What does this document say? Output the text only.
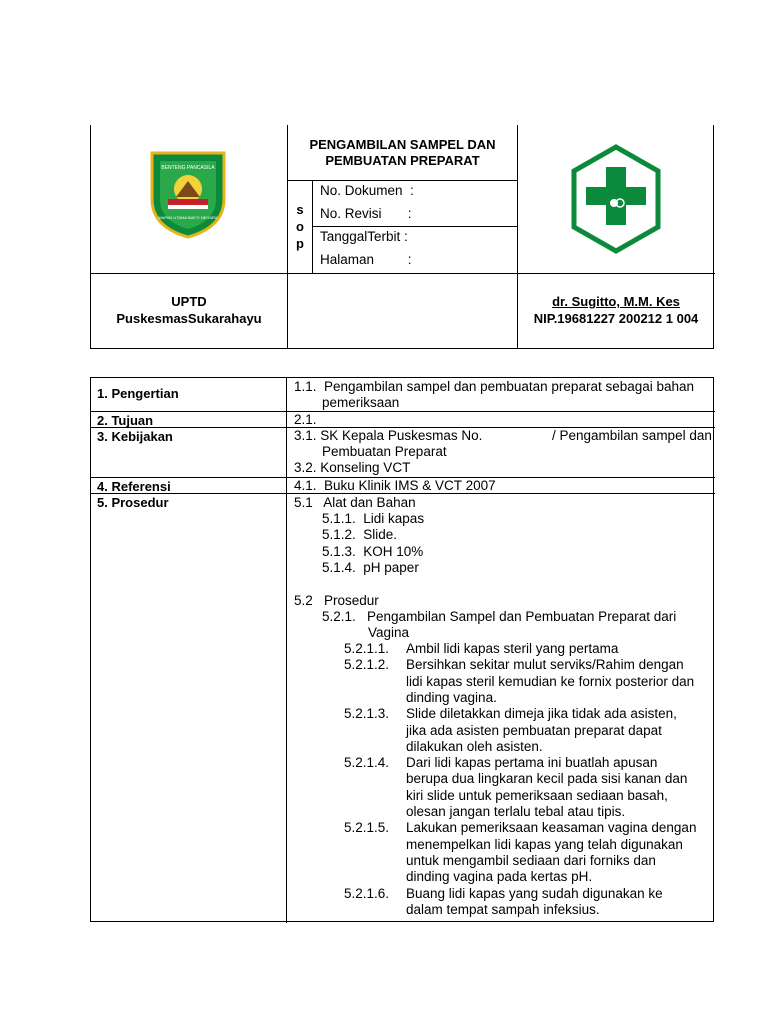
BENTENG PANCASILA
MAPAN UTAMA BAKTI NEGARA
PENGAMBILAN SAMPEL DAN
PEMBUATAN PREPARAT
s
o
p
No. Dokumen  :
No. Revisi       :
TanggalTerbit :
Halaman         :
UPTD
PuskesmasSukarahayu
dr. Sugitto, M.M. Kes
NIP.19681227 200212 1 004
1. Pengertian
2. Tujuan
3. Kebijakan
4. Referensi
5. Prosedur
1.1.  Pengambilan sampel dan pembuatan preparat sebagai bahan
pemeriksaan
2.1.
3.1. SK Kepala Puskesmas No.	/ Pengambilan sampel dan
Pembuatan Preparat
3.2. Konseling VCT
4.1.  Buku Klinik IMS & VCT 2007
5.1   Alat dan Bahan
5.1.1.  Lidi kapas
5.1.2.  Slide.
5.1.3.  KOH 10%
5.1.4.  pH paper
5.2   Prosedur
5.2.1.   Pengambilan Sampel dan Pembuatan Preparat dari
Vagina
5.2.1.1. Ambil lidi kapas steril yang pertama
5.2.1.2. Bersihkan sekitar mulut serviks/Rahim dengan
lidi kapas steril kemudian ke fornix posterior dan
dinding vagina.
5.2.1.3. Slide diletakkan dimeja jika tidak ada asisten,
jika ada asisten pembuatan preparat dapat
dilakukan oleh asisten.
5.2.1.4. Dari lidi kapas pertama ini buatlah apusan
berupa dua lingkaran kecil pada sisi kanan dan
kiri slide untuk pemeriksaan sediaan basah,
olesan jangan terlalu tebal atau tipis.
5.2.1.5. Lakukan pemeriksaan keasaman vagina dengan
menempelkan lidi kapas yang telah digunakan
untuk mengambil sediaan dari forniks dan
dinding vagina pada kertas pH.
5.2.1.6. Buang lidi kapas yang sudah digunakan ke
dalam tempat sampah infeksius.
